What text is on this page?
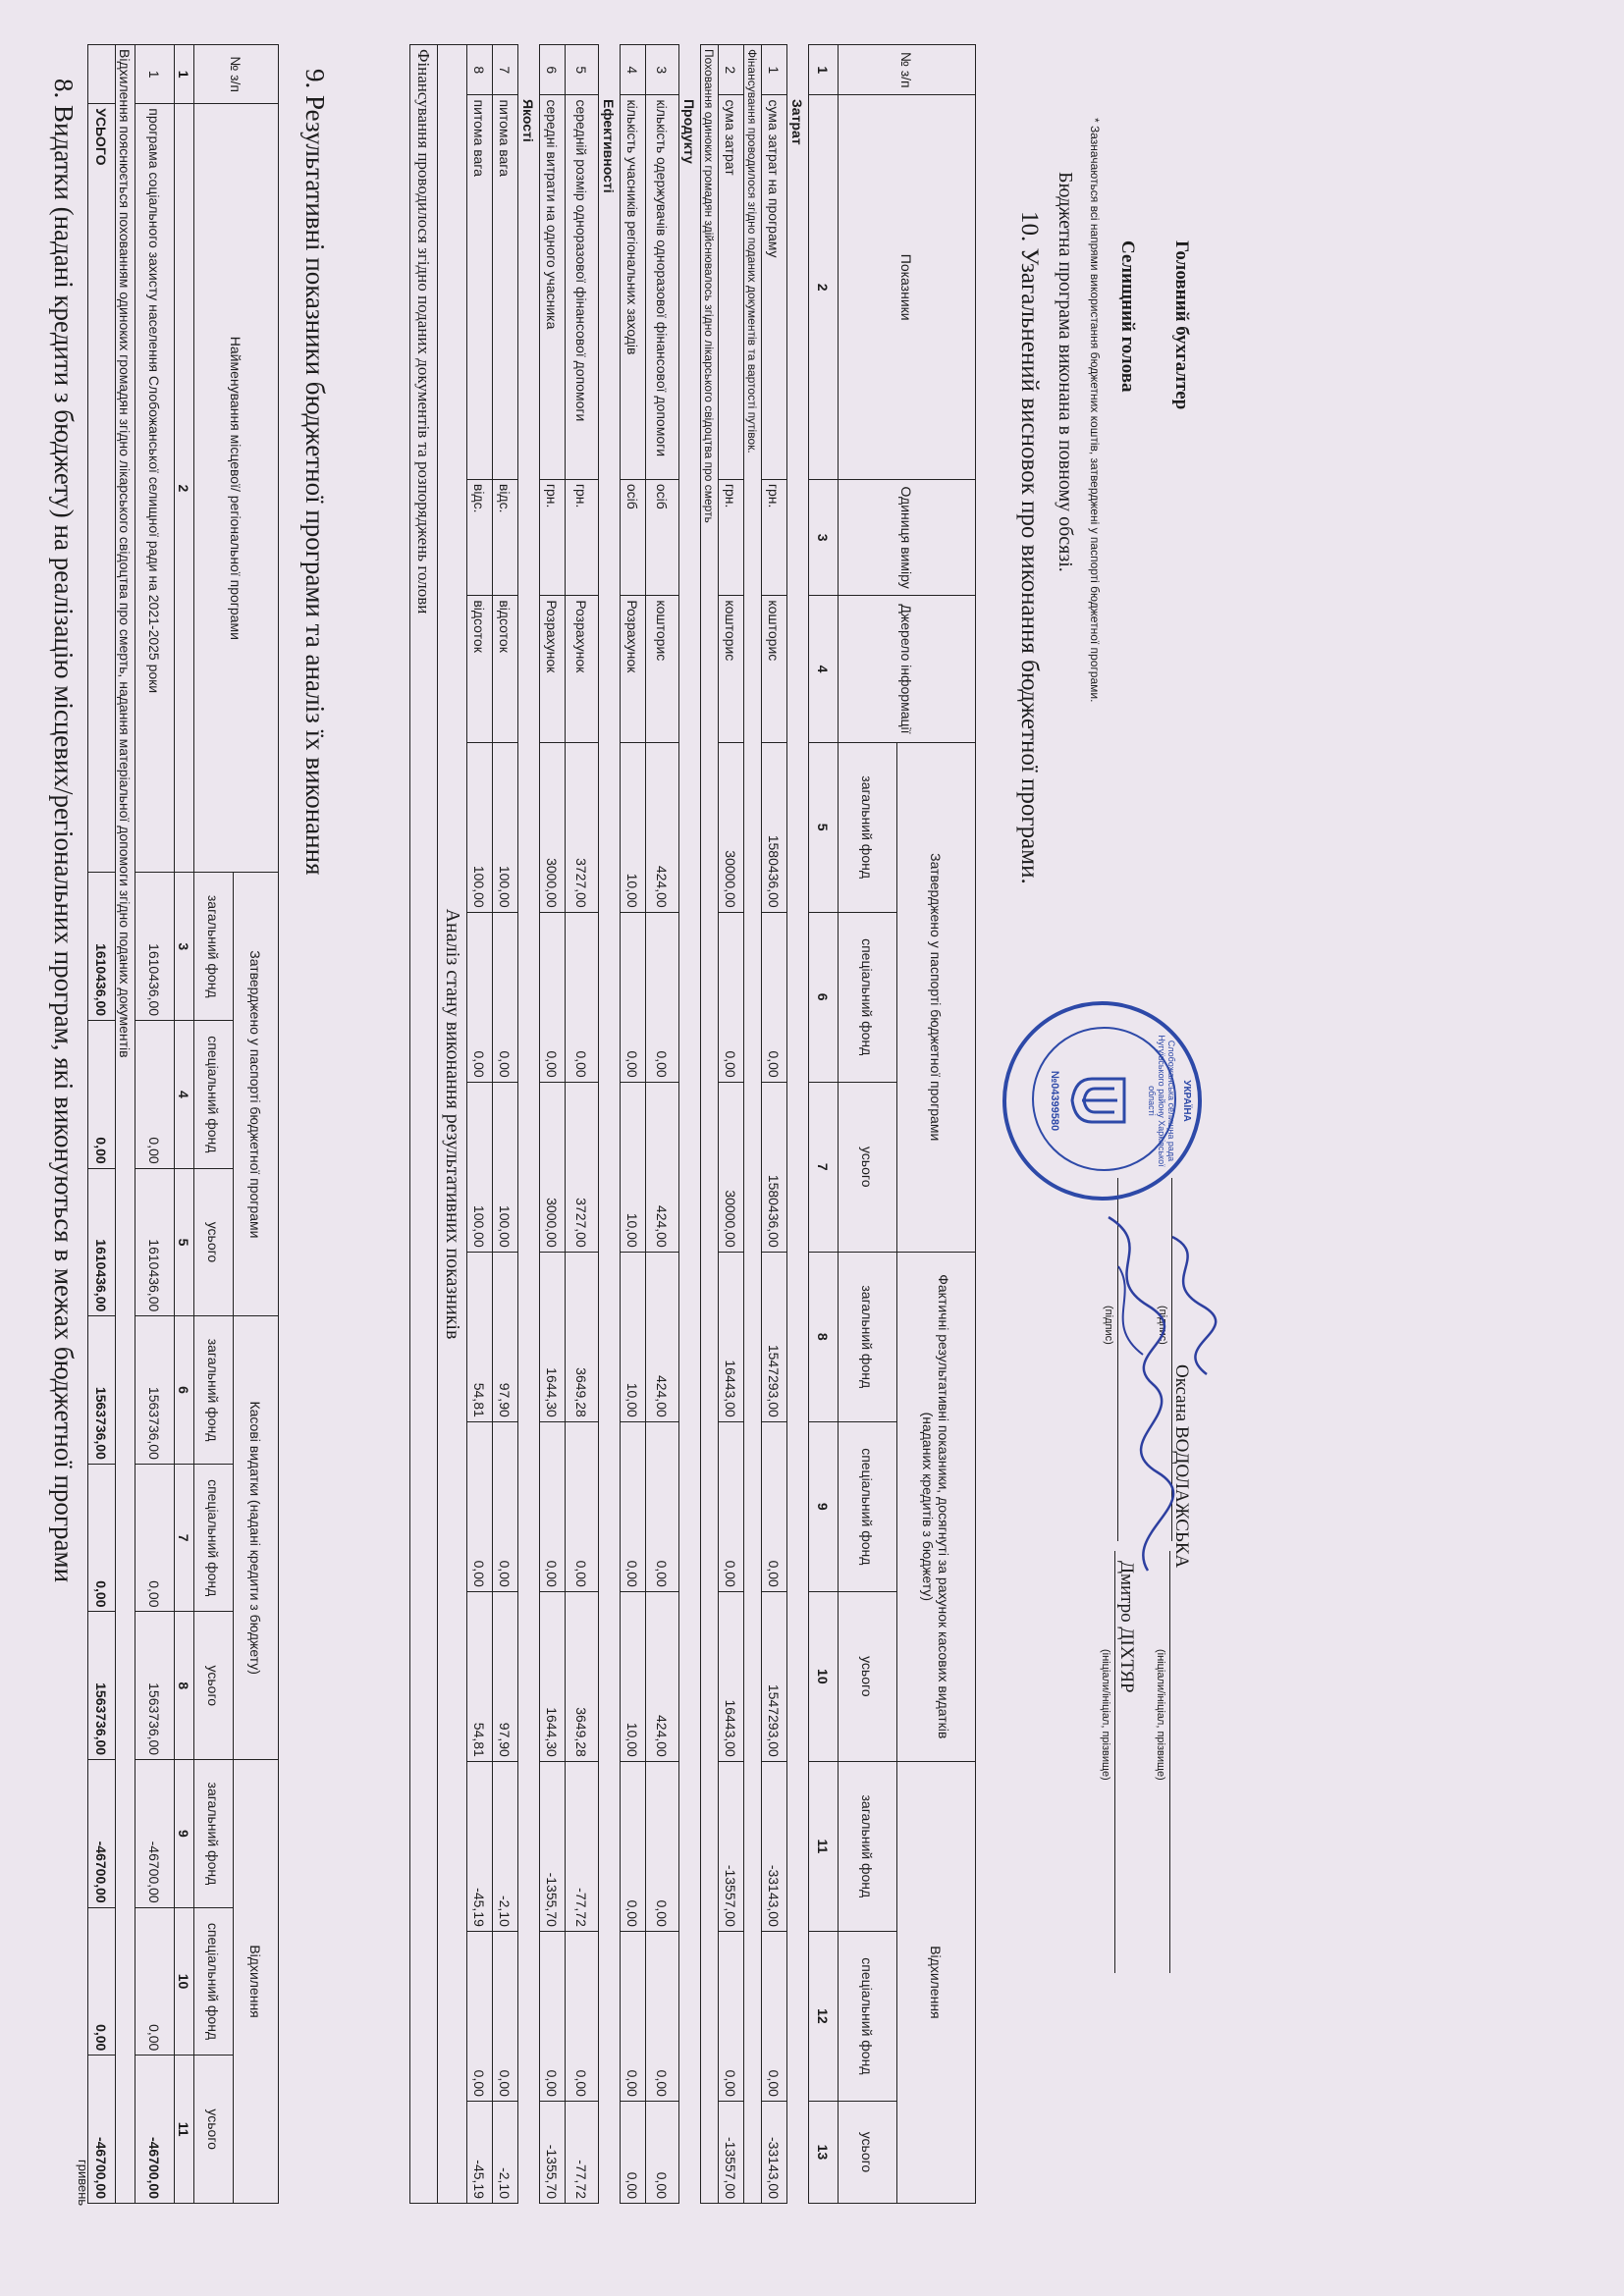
8. Видатки (надані кредити з бюджету) на реалізацію місцевих/регіональних програм, які виконуються в межах бюджетної програми
гривень
№ з/п	Найменування місцевої/ регіональної програми	Затверджено у паспорті бюджетної програми			Касові видатки (надані кредити з бюджету)			Відхилення		
		загальний фонд	спеціальний фонд	усього	загальний фонд	спеціальний фонд	усього	загальний фонд	спеціальний фонд	усього
1	2	3	4	5	6	7	8	9	10	11
1	програма соціального захисту населення Слобожанської селищної ради на 2021-2025 роки	1610436,00	0,00	1610436,00	1563736,00	0,00	1563736,00	-46700,00	0,00	-46700,00
Відхилення пояснюється похованням одиноких громадян згідно лікарського свідоцтва про смерть, надання матеріальної допомоги згідно поданих документів										
	УСЬОГО	1610436,00	0,00	1610436,00	1563736,00	0,00	1563736,00	-46700,00	0,00	-46700,00
9. Результативні показники бюджетної програми та аналіз їх виконання	№ з/п	Показники	Одиниця виміру	Джерело інформації	Затверджено у паспорті бюджетної програми			Фактичні результативні показники, досягнуті за рахунок касових видатків (наданих кредитів з бюджету)			Відхилення		
				загальний фонд	спеціальний фонд	усього	загальний фонд	спеціальний фонд	усього	загальний фонд	спеціальний фонд	усього
1	2	3	4	5	6	7	8	9	10	11	12	13
	Затрат											
1	сума затрат на програму	грн.	кошторис	1580436,00	0,00	1580436,00	1547293,00	0,00	1547293,00	-33143,00	0,00	-33143,00
Фінансування проводилося згідно поданих документів та вартості путівок.												
2	сума затрат	грн.	кошторис	30000,00	0,00	30000,00	16443,00	0,00	16443,00	-13557,00	0,00	-13557,00
Поховання одиноких громадян здійснювалось згідно лікарського свідоцтва про смерть												
	Продукту											
3	кількість одержувачів одноразової фінансової допомоги	осіб	кошторис	424,00	0,00	424,00	424,00	0,00	424,00	0,00	0,00	0,00
4	кількість учасників регіональних заходів	осіб	Розрахунок	10,00	0,00	10,00	10,00	0,00	10,00	0,00	0,00	0,00
	Ефективності											
5	середній розмір одноразової фінансової допомоги	грн.	Розрахунок	3727,00	0,00	3727,00	3649,28	0,00	3649,28	-77,72	0,00	-77,72
6	середні витрати на одного учасника	грн.	Розрахунок	3000,00	0,00	3000,00	1644,30	0,00	1644,30	-1355,70	0,00	-1355,70
	Якості											
7	питома вага	відс.	відсоток	100,00	0,00	100,00	97,90	0,00	97,90	-2,10	0,00	-2,10
8	питома вага	відс.	відсоток	100,00	0,00	100,00	54,81	0,00	54,81	-45,19	0,00	-45,19
Аналіз стану виконання результативних показників												
Фінансування проводилося згідно поданих документів та розпоряджень голови													10. Узагальнений висновок про виконання бюджетної програми. Бюджетна програма виконана в повному обсязі. * Зазначаються всі напрями використання бюджетних коштів, затверджені у паспорті бюджетної програми. Селищний голова
(підпис)
Дмитро ДІХТЯР
(ініціали/ініціал, прізвище)
Головний бухгалтер
(підпис)
Оксана ВОДОЛАЖСЬКА
(ініціали/ініціал, прізвище)
УКРАЇНА
Слобожанська селищна рада Нугуївського району Харківської області
№04399580
